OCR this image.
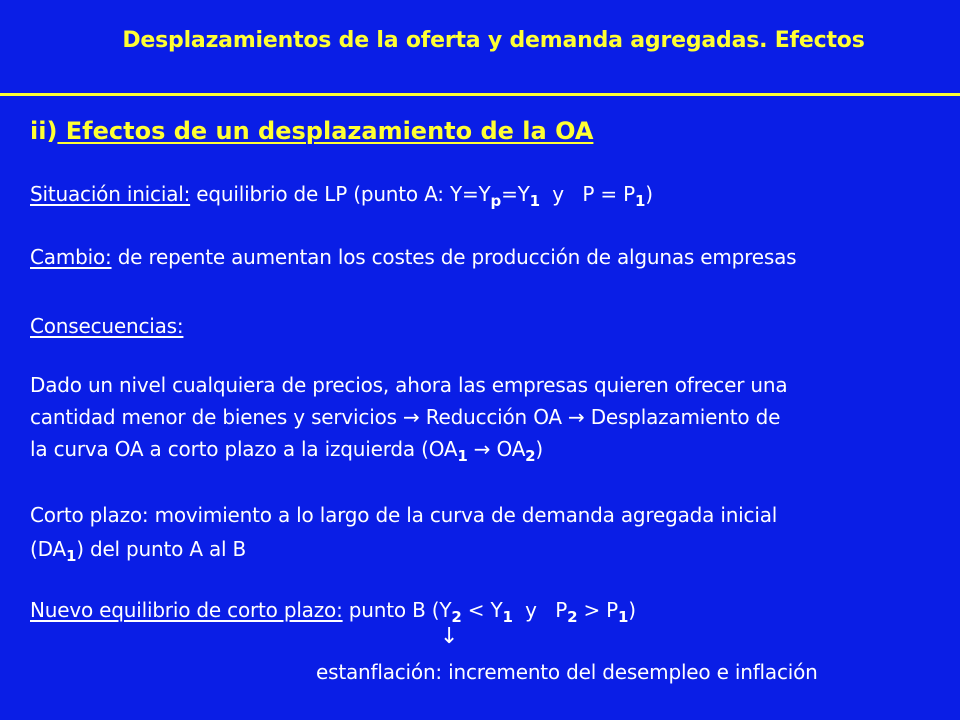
Desplazamientos de la oferta y demanda agregadas. Efectos
ii) Efectos de un desplazamiento de la OA
Situación inicial: equilibrio de LP (punto A: $Y=Y_p=Y_1$  y   $P = P_1$)
Cambio: de repente aumentan los costes de producción de algunas empresas
Consecuencias:
Dado un nivel cualquiera de precios, ahora las empresas quieren ofrecer una
cantidad menor de bienes y servicios → Reducción OA → Desplazamiento de
la curva OA a corto plazo a la izquierda $(OA_1 \to OA_2)$
Corto plazo: movimiento a lo largo de la curva de demanda agregada inicial
$(DA_1)$ del punto A al B
Nuevo equilibrio de corto plazo: punto B ($Y_2 < Y_1$  y   $P_2 > P_1$)
↓
estanflación: incremento del desempleo e inflación
